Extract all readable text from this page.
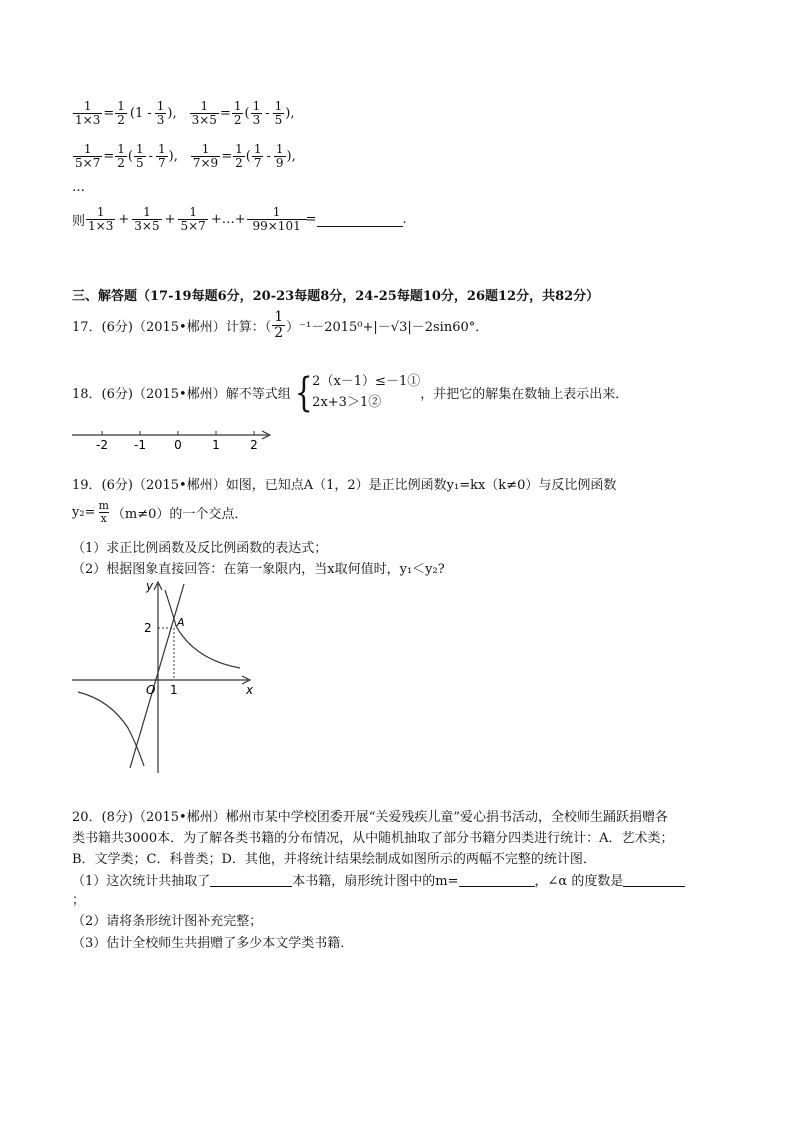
$\frac{1}{1\times 3} = \frac{1}{2} (1 - \frac{1}{3}$ ), $\frac{1}{3\times 5} = \frac{1}{2}$ ( $\frac{1}{3} - \frac{1}{5}$ ),
$\frac{1}{5\times 7} = \frac{1}{2}$ ( $\frac{1}{5} - \frac{1}{7}$ ), $\frac{1}{7\times 9} = \frac{1}{2}$ ( $\frac{1}{7} - \frac{1}{9}$ ),
…
则 $\frac{1}{1\times 3} + \frac{1}{3\times 5} + \frac{1}{5\times 7}$ +…+ $\frac{1}{99\times 101}$ =	.
三、解答题（17-19每题6分，20-23每题8分，24-25每题10分，26题12分，共82分）
17．(6分)（2015•郴州）计算：（ $\frac{1}{2} )^{-1}-2015^0+|-√3|-2\sin 60^\circ$．
18．(6分)（2015•郴州）解不等式组 { 2（x－1）≤－1①
2x+3＞1②	，并把它的解集在数轴上表示出来．
-2 -1 0	1	2
19．(6分)（2015•郴州）如图，已知点A（1，2）是正比例函数y₁=kx（k≠0）与反比例函数
$y_2= \frac{m}{x} (m\ne 0)$的一个交点．
（1）求正比例函数及反比例函数的表达式；
（2）根据图象直接回答：在第一象限内，当x取何值时，y₁＜y₂?
y
x
O 1
2 A
20．(8分)（2015•郴州）郴州市某中学校团委开展“关爱残疾儿童”爱心捐书活动，全校师生踊跃捐赠各
类书籍共3000本．为了解各类书籍的分布情况，从中随机抽取了部分书籍分四类进行统计：A．艺术类；
B．文学类；C．科普类；D．其他，并将统计结果绘制成如图所示的两幅不完整的统计图．
（1）这次统计共抽取了	本书籍，扇形统计图中的m=	，∠α 的度数是
；
（2）请将条形统计图补充完整；
（3）估计全校师生共捐赠了多少本文学类书籍．
